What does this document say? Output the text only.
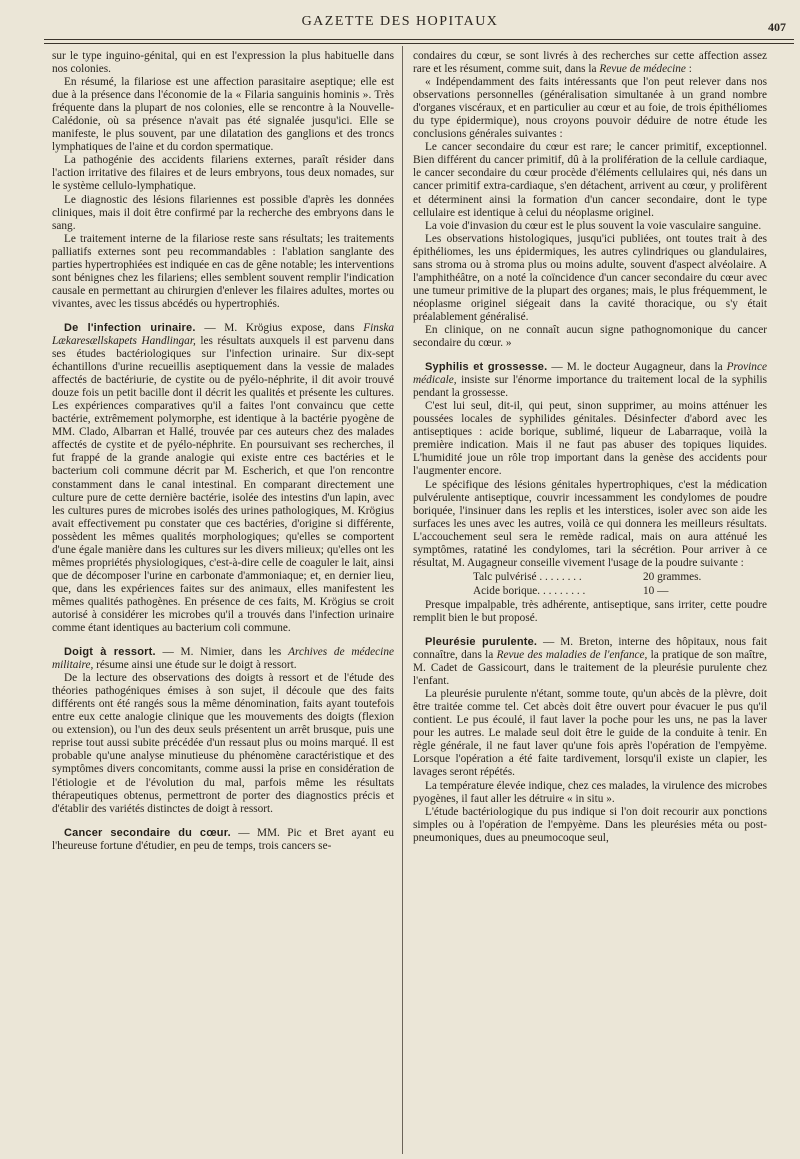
GAZETTE DES HOPITAUX	407

sur le type inguino-génital, qui en est l'expression la plus habituelle dans nos colonies.

En résumé, la filariose est une affection parasitaire aseptique; elle est due à la présence dans l'économie de la « Filaria sanguinis hominis ». Très fréquente dans la plupart de nos colonies, elle se rencontre à la Nouvelle-Calédonie, où sa présence n'avait pas été signalée jusqu'ici. Elle se manifeste, le plus souvent, par une dilatation des ganglions et des troncs lymphatiques de l'aine et du cordon spermatique.

La pathogénie des accidents filariens externes, paraît résider dans l'action irritative des filaires et de leurs embryons, tous deux nomades, sur le système cellulo-lymphatique.

Le diagnostic des lésions filariennes est possible d'après les données cliniques, mais il doit être confirmé par la recherche des embryons dans le sang.

Le traitement interne de la filariose reste sans résultats; les traitements palliatifs externes sont peu recommandables : l'ablation sanglante des parties hypertrophiées est indiquée en cas de gêne notable; les interventions sont bénignes chez les filariens; elles semblent souvent remplir l'indication causale en permettant au chirurgien d'enlever les filaires adultes, mortes ou vivantes, avec les tissus abcédés ou hypertrophiés.

De l'infection urinaire. — M. Krögius expose, dans Finska Lækaresællskapets Handlingar, les résultats auxquels il est parvenu dans ses études bactériologiques sur l'infection urinaire. Sur dix-sept échantillons d'urine recueillis aseptiquement dans la vessie de malades affectés de bactériurie, de cystite ou de pyélo-néphrite, il dit avoir trouvé douze fois un petit bacille dont il décrit les qualités et présente les cultures. Les expériences comparatives qu'il a faites l'ont convaincu que cette bactérie, extrêmement polymorphe, est identique à la bactérie pyogène de MM. Clado, Albarran et Hallé, trouvée par ces auteurs chez des malades affectés de cystite et de pyélo-néphrite. En poursuivant ses recherches, il fut frappé de la grande analogie qui existe entre ces bactéries et le bacterium coli commune décrit par M. Escherich, et que l'on rencontre constamment dans le canal intestinal. En comparant directement une culture pure de cette dernière bactérie, isolée des intestins d'un lapin, avec les cultures pures de microbes isolés des urines pathologiques, M. Krögius avait effectivement pu constater que ces bactéries, d'origine si différente, possèdent les mêmes qualités morphologiques; qu'elles se comportent d'une égale manière dans les cultures sur les divers milieux; qu'elles ont les mêmes propriétés physiologiques, c'est-à-dire celle de coaguler le lait, ainsi que de décomposer l'urine en carbonate d'ammoniaque; et, en dernier lieu, que, dans les expériences faites sur des animaux, elles manifestent les mêmes qualités pathogènes. En présence de ces faits, M. Krögius se croit autorisé à considérer les microbes qu'il a trouvés dans l'infection urinaire comme étant identiques au bacterium coli commune.

Doigt à ressort. — M. Nimier, dans les Archives de médecine militaire, résume ainsi une étude sur le doigt à ressort.

De la lecture des observations des doigts à ressort et de l'étude des théories pathogéniques émises à son sujet, il découle que des faits différents ont été rangés sous la même dénomination, faits ayant toutefois entre eux cette analogie clinique que les mouvements des doigts (flexion ou extension), ou l'un des deux seuls présentent un arrêt brusque, puis une reprise tout aussi subite précédée d'un ressaut plus ou moins marqué. Il est probable qu'une analyse minutieuse du phénomène caractéristique et des symptômes divers concomitants, comme aussi la prise en considération de l'étiologie et de l'évolution du mal, parfois même les résultats thérapeutiques obtenus, permettront de porter des diagnostics précis et d'établir des variétés distinctes de doigt à ressort.

Cancer secondaire du cœur. — MM. Pic et Bret ayant eu l'heureuse fortune d'étudier, en peu de temps, trois cancers se-

condaires du cœur, se sont livrés à des recherches sur cette affection assez rare et les résument, comme suit, dans la Revue de médecine :

« Indépendamment des faits intéressants que l'on peut relever dans nos observations personnelles (généralisation simultanée à un grand nombre d'organes viscéraux, et en particulier au cœur et au foie, de trois épithéliomes du type épidermique), nous croyons pouvoir déduire de notre étude les conclusions générales suivantes :

Le cancer secondaire du cœur est rare; le cancer primitif, exceptionnel. Bien différent du cancer primitif, dû à la prolifération de la cellule cardiaque, le cancer secondaire du cœur procède d'éléments cellulaires qui, nés dans un cancer primitif extra-cardiaque, s'en détachent, arrivent au cœur, y prolifèrent et déterminent ainsi la formation d'un cancer secondaire, dont le type cellulaire est identique à celui du néoplasme originel.

La voie d'invasion du cœur est le plus souvent la voie vasculaire sanguine.

Les observations histologiques, jusqu'ici publiées, ont toutes trait à des épithéliomes, les uns épidermiques, les autres cylindriques ou glandulaires, sans stroma ou à stroma plus ou moins adulte, souvent d'aspect alvéolaire. A l'amphithéâtre, on a noté la coïncidence d'un cancer secondaire du cœur avec une tumeur primitive de la plupart des organes; mais, le plus fréquemment, le néoplasme originel siégeait dans la cavité thoracique, ou s'y était préalablement généralisé.

En clinique, on ne connaît aucun signe pathognomonique du cancer secondaire du cœur. »

Syphilis et grossesse. — M. le docteur Augagneur, dans la Province médicale, insiste sur l'énorme importance du traitement local de la syphilis pendant la grossesse.

C'est lui seul, dit-il, qui peut, sinon supprimer, au moins atténuer les poussées locales de syphilides génitales. Désinfecter d'abord avec les antiseptiques : acide borique, sublimé, liqueur de Labarraque, voilà la première indication. Mais il ne faut pas abuser des topiques liquides. L'humidité joue un rôle trop important dans la genèse des accidents pour l'augmenter encore.

Le spécifique des lésions génitales hypertrophiques, c'est la médication pulvérulente antiseptique, couvrir incessamment les condylomes de poudre boriquée, l'insinuer dans les replis et les interstices, isoler avec son aide les surfaces les unes avec les autres, voilà ce qui donnera les meilleurs résultats. L'accouchement seul sera le remède radical, mais on aura atténué les symptômes, ratatiné les condylomes, tari la sécrétion. Pour arriver à ce résultat, M. Augagneur conseille vivement l'usage de la poudre suivante :

Talc pulvérisé . . . . . . . .	20 grammes.
Acide borique. . . . . . . . .	10 —

Presque impalpable, très adhérente, antiseptique, sans irriter, cette poudre remplit bien le but proposé.

Pleurésie purulente. — M. Breton, interne des hôpitaux, nous fait connaître, dans la Revue des maladies de l'enfance, la pratique de son maître, M. Cadet de Gassicourt, dans le traitement de la pleurésie purulente chez l'enfant.

La pleurésie purulente n'étant, somme toute, qu'un abcès de la plèvre, doit être traitée comme tel. Cet abcès doit être ouvert pour évacuer le pus qu'il contient. Le pus écoulé, il faut laver la poche pour les uns, ne pas la laver pour les autres. Le malade seul doit être le guide de la conduite à tenir. En règle générale, il ne faut laver qu'une fois après l'opération de l'empyème. Lorsque l'opération a été faite tardivement, lorsqu'il existe un clapier, les lavages seront répétés.

La température élevée indique, chez ces malades, la virulence des microbes pyogènes, il faut aller les détruire « in situ ».

L'étude bactériologique du pus indique si l'on doit recourir aux ponctions simples ou à l'opération de l'empyème. Dans les pleurésies méta ou post-pneumoniques, dues au pneumocoque seul,
